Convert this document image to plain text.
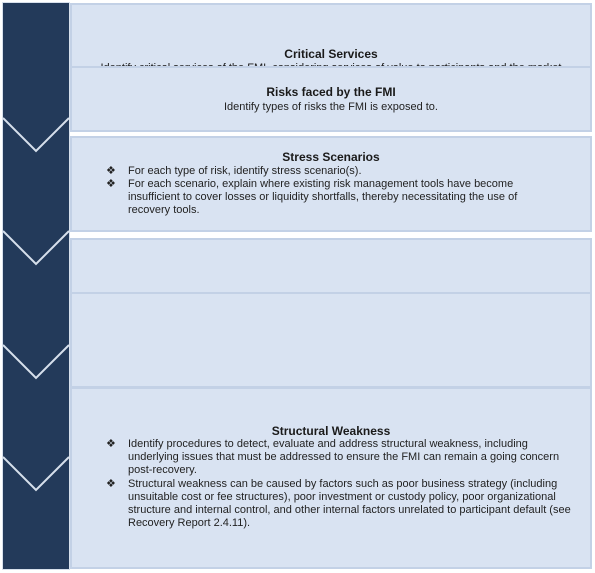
Critical Services
Risks faced by the FMI
Identify types of risks the FMI is exposed to.
Stress Scenarios
❖ For each type of risk, identify stress scenario(s).
❖ For each scenario, explain where existing risk management tools have become insufficient to cover losses or liquidity shortfalls, thereby necessitating the use of recovery tools.
Structural Weakness
❖ Identify procedures to detect, evaluate and address structural weakness, including underlying issues that must be addressed to ensure the FMI can remain a going concern post-recovery.
❖ Structural weakness can be caused by factors such as poor business strategy (including unsuitable cost or fee structures), poor investment or custody policy, poor organizational structure and internal control, and other internal factors unrelated to participant default (see Recovery Report 2.4.11).
